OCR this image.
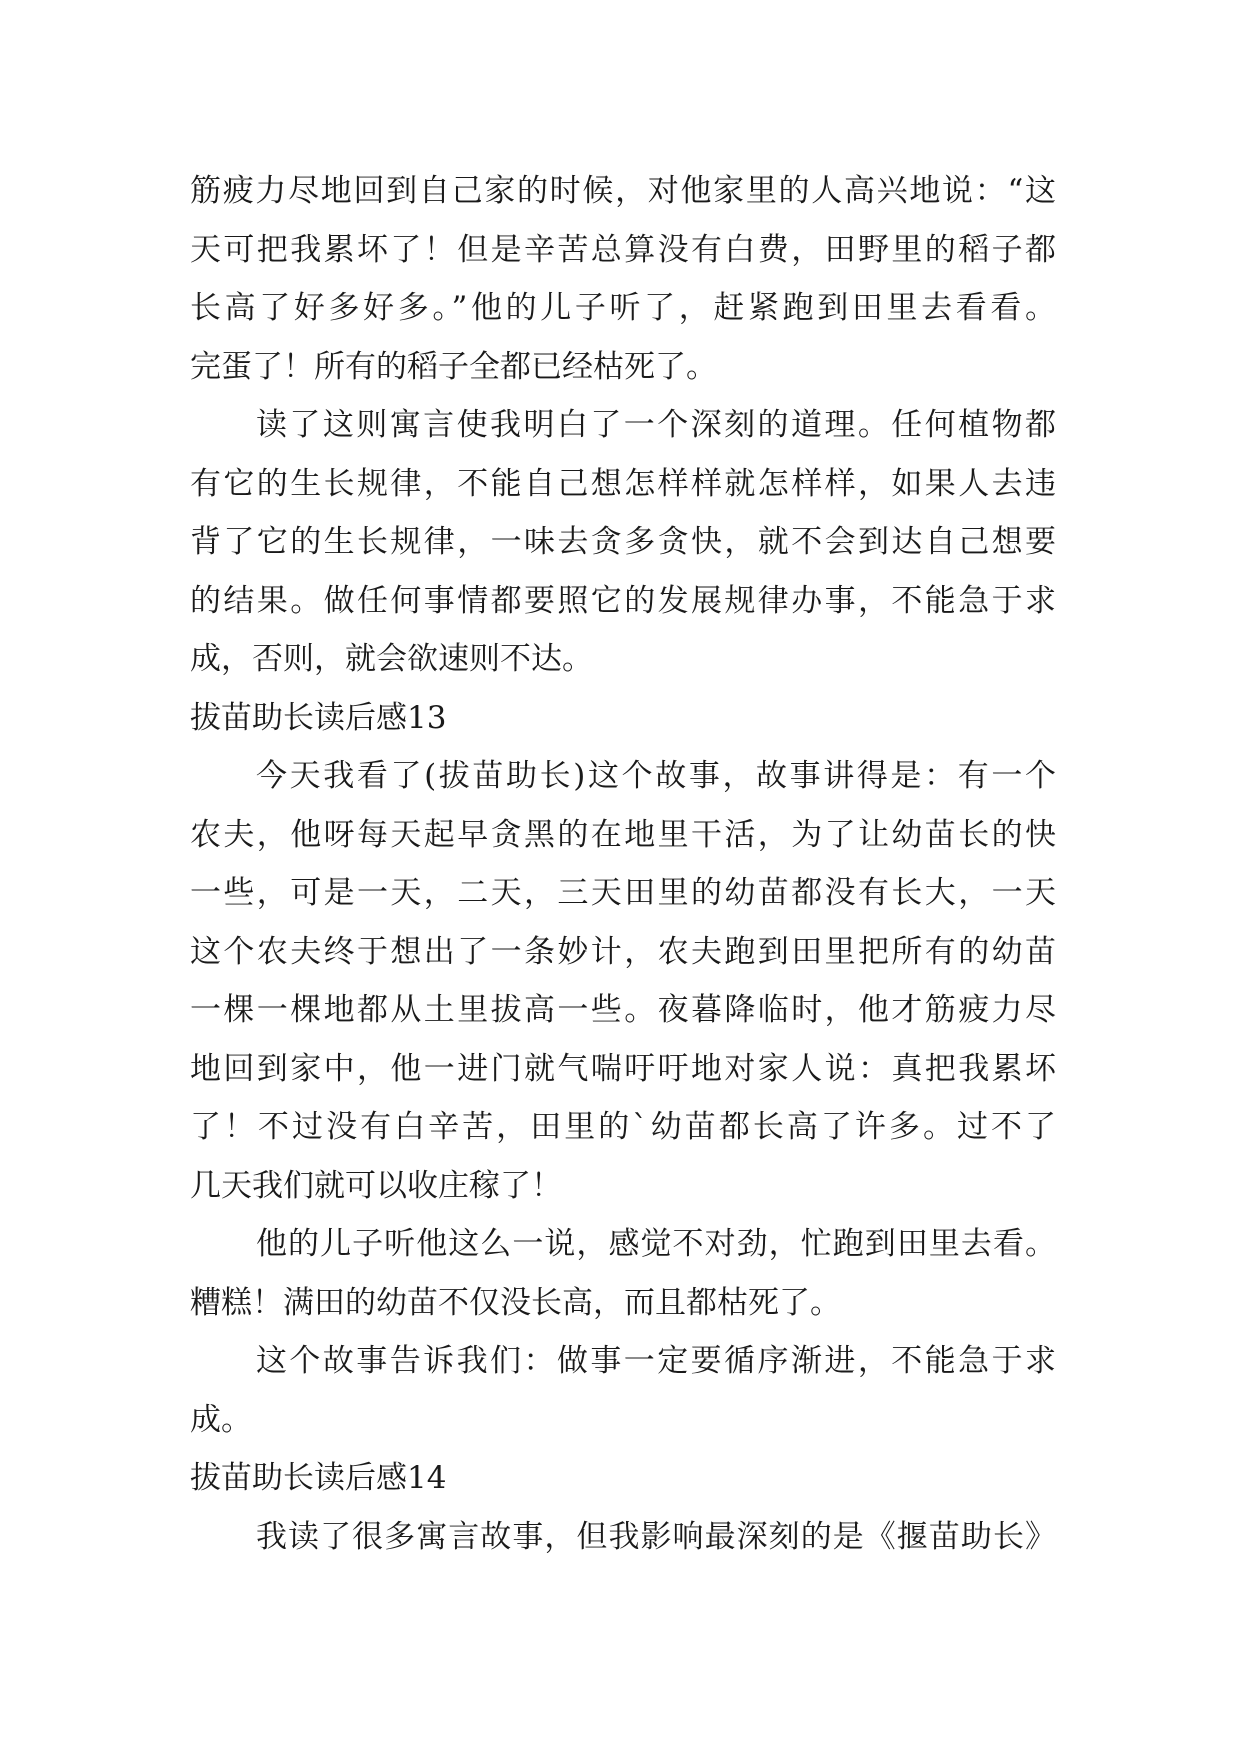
筋疲力尽地回到自己家的时候，对他家里的人高兴地说：“这
天可把我累坏了！但是辛苦总算没有白费，田野里的稻子都
长高了好多好多。”他的儿子听了，赶紧跑到田里去看看。
完蛋了！所有的稻子全都已经枯死了。
读了这则寓言使我明白了一个深刻的道理。任何植物都
有它的生长规律，不能自己想怎样样就怎样样，如果人去违
背了它的生长规律，一味去贪多贪快，就不会到达自己想要
的结果。做任何事情都要照它的发展规律办事，不能急于求
成，否则，就会欲速则不达。
拔苗助长读后感13
今天我看了(拔苗助长)这个故事，故事讲得是：有一个
农夫，他呀每天起早贪黑的在地里干活，为了让幼苗长的快
一些，可是一天，二天，三天田里的幼苗都没有长大，一天
这个农夫终于想出了一条妙计，农夫跑到田里把所有的幼苗
一棵一棵地都从土里拔高一些。夜暮降临时，他才筋疲力尽
地回到家中，他一进门就气喘吁吁地对家人说：真把我累坏
了！不过没有白辛苦，田里的`幼苗都长高了许多。过不了
几天我们就可以收庄稼了！
他的儿子听他这么一说，感觉不对劲，忙跑到田里去看。
糟糕！满田的幼苗不仅没长高，而且都枯死了。
这个故事告诉我们：做事一定要循序渐进，不能急于求
成。
拔苗助长读后感14
我读了很多寓言故事，但我影响最深刻的是《揠苗助长》
